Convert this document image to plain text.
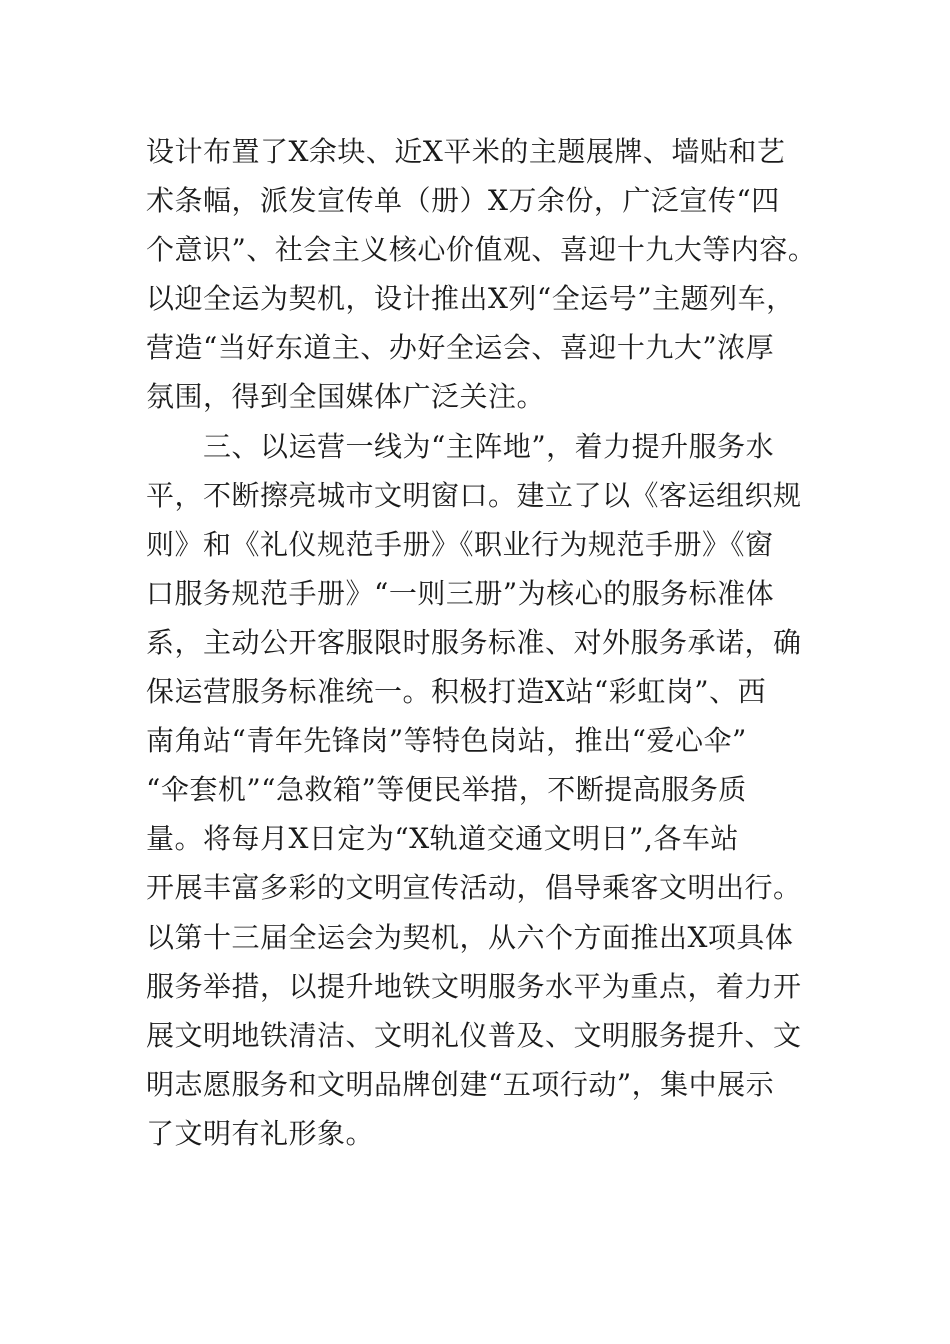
设计布置了X余块、近X平米的主题展牌、墙贴和艺
术条幅，派发宣传单（册）X万余份，广泛宣传“四
个意识”、社会主义核心价值观、喜迎十九大等内容。
以迎全运为契机，设计推出X列“全运号”主题列车，
营造“当好东道主、办好全运会、喜迎十九大”浓厚
氛围，得到全国媒体广泛关注。
　　三、以运营一线为“主阵地”，着力提升服务水
平，不断擦亮城市文明窗口。建立了以《客运组织规
则》和《礼仪规范手册》《职业行为规范手册》《窗
口服务规范手册》“一则三册”为核心的服务标准体
系，主动公开客服限时服务标准、对外服务承诺，确
保运营服务标准统一。积极打造X站“彩虹岗”、西
南角站“青年先锋岗”等特色岗站，推出“爱心伞”
“伞套机”“急救箱”等便民举措，不断提高服务质
量。将每月X日定为“X轨道交通文明日”,各车站
开展丰富多彩的文明宣传活动，倡导乘客文明出行。
以第十三届全运会为契机，从六个方面推出X项具体
服务举措，以提升地铁文明服务水平为重点，着力开
展文明地铁清洁、文明礼仪普及、文明服务提升、文
明志愿服务和文明品牌创建“五项行动”，集中展示
了文明有礼形象。
